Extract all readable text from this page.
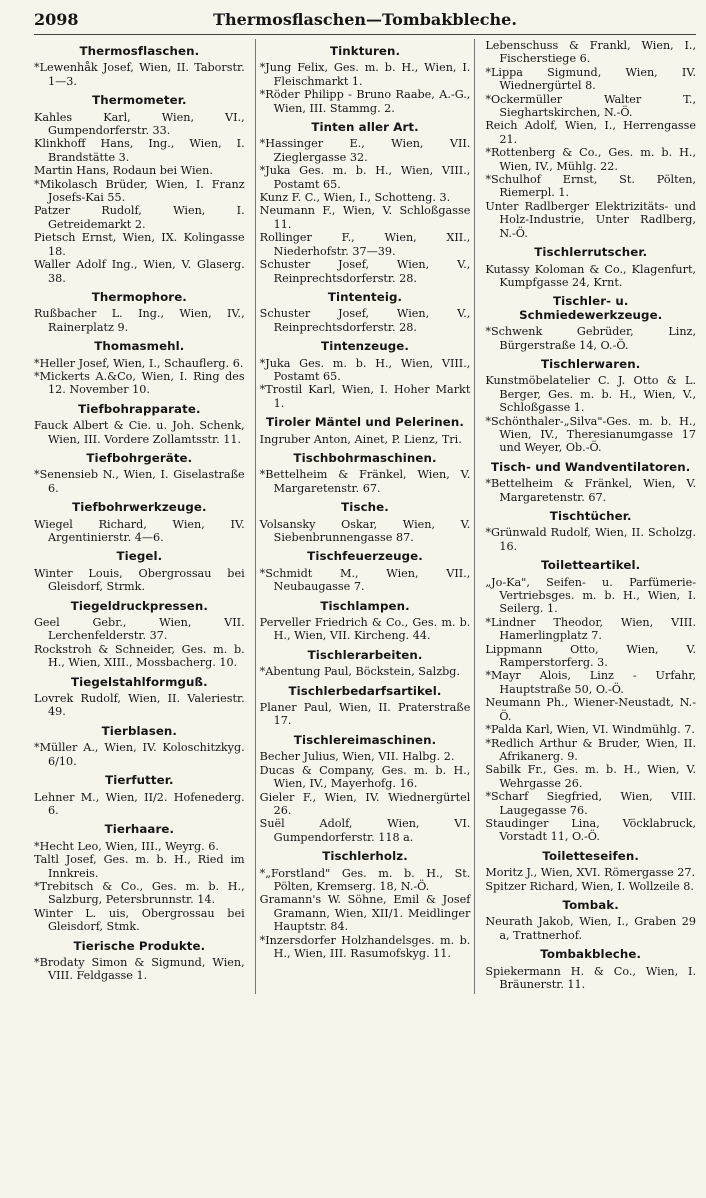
2098	Thermosflaschen—Tombakbleche.
Thermosflaschen.

*Lewenhåk Josef, Wien, II. Taborstr. 1—3.

Thermometer.

Kahles Karl, Wien, VI., Gumpendorferstr. 33.

Klinkhoff Hans, Ing., Wien, I. Brandstätte 3.

Martin Hans, Rodaun bei Wien.

*Mikolasch Brüder, Wien, I. Franz Josefs-Kai 55.

Patzer Rudolf, Wien, I. Getreidemarkt 2.

Pietsch Ernst, Wien, IX. Kolingasse 18.

Waller Adolf Ing., Wien, V. Glaserg. 38.

Thermophore.

Rußbacher L. Ing., Wien, IV., Rainerplatz 9.

Thomasmehl.

*Heller Josef, Wien, I., Schauflerg. 6.

*Mickerts A.&Co, Wien, I. Ring des 12. November 10.

Tiefbohrapparate.

Fauck Albert & Cie. u. Joh. Schenk, Wien, III. Vordere Zollamtsstr. 11.

Tiefbohrgeräte.

*Senensieb N., Wien, I. Giselastraße 6.

Tiefbohrwerkzeuge.

Wiegel Richard, Wien, IV. Argentinierstr. 4—6.

Tiegel.

Winter Louis, Obergrossau bei Gleisdorf, Strmk.

Tiegeldruckpressen.

Geel Gebr., Wien, VII. Lerchenfelderstr. 37.

Rockstroh & Schneider, Ges. m. b. H., Wien, XIII., Mossbacherg. 10.

Tiegelstahlformguß.

Lovrek Rudolf, Wien, II. Valeriestr. 49.

Tierblasen.

*Müller A., Wien, IV. Koloschitzkyg. 6/10.

Tierfutter.

Lehner M., Wien, II/2. Hofenederg. 6.

Tierhaare.

*Hecht Leo, Wien, III., Weyrg. 6.

Taltl Josef, Ges. m. b. H., Ried im Innkreis.

*Trebitsch & Co., Ges. m. b. H., Salzburg, Petersbrunnstr. 14.

Winter L. uis, Obergrossau bei Gleisdorf, Stmk.

Tierische Produkte.

*Brodaty Simon & Sigmund, Wien, VIII. Feldgasse 1.

Tinkturen.

*Jung Felix, Ges. m. b. H., Wien, I. Fleischmarkt 1.

*Röder Philipp - Bruno Raabe, A.-G., Wien, III. Stammg. 2.

Tinten aller Art.

*Hassinger E., Wien, VII. Zieglergasse 32.

*Juka Ges. m. b. H., Wien, VIII., Postamt 65.

Kunz F. C., Wien, I., Schotteng. 3.

Neumann F., Wien, V. Schloßgasse 11.

Rollinger F., Wien, XII., Niederhofstr. 37—39.

Schuster Josef, Wien, V., Reinprechtsdorferstr. 28.

Tintenteig.

Schuster Josef, Wien, V., Reinprechtsdorferstr. 28.

Tintenzeuge.

*Juka Ges. m. b. H., Wien, VIII., Postamt 65.

*Trostil Karl, Wien, I. Hoher Markt 1.

Tiroler Mäntel und Pelerinen.

Ingruber Anton, Ainet, P. Lienz, Tri.

Tischbohrmaschinen.

*Bettelheim & Fränkel, Wien, V. Margaretenstr. 67.

Tische.

Volsansky Oskar, Wien, V. Siebenbrunnengasse 87.

Tischfeuerzeuge.

*Schmidt M., Wien, VII., Neubaugasse 7.

Tischlampen.

Perveller Friedrich & Co., Ges. m. b. H., Wien, VII. Kircheng. 44.

Tischlerarbeiten.

*Abentung Paul, Böckstein, Salzbg.

Tischlerbedarfsartikel.

Planer Paul, Wien, II. Praterstraße 17.

Tischlereimaschinen.

Becher Julius, Wien, VII. Halbg. 2.

Ducas & Company, Ges. m. b. H., Wien, IV., Mayerhofg. 16.

Gieler F., Wien, IV. Wiednergürtel 26.

Suël Adolf, Wien, VI. Gumpendorferstr. 118 a.

Tischlerholz.

*„Forstland" Ges. m. b. H., St. Pölten, Kremserg. 18, N.-Ö.

Gramann's W. Söhne, Emil & Josef Gramann, Wien, XII/1. Meidlinger Hauptstr. 84.

*Inzersdorfer Holzhandelsges. m. b. H., Wien, III. Rasumofskyg. 11.

Lebenschuss & Frankl, Wien, I., Fischerstiege 6.

*Lippa Sigmund, Wien, IV. Wiednergürtel 8.

*Ockermüller Walter T., Sieghartskirchen, N.-Ö.

Reich Adolf, Wien, I., Herrengasse 21.

*Rottenberg & Co., Ges. m. b. H., Wien, IV., Mühlg. 22.

*Schulhof Ernst, St. Pölten, Riemerpl. 1.

Unter Radlberger Elektrizitäts- und Holz-Industrie, Unter Radlberg, N.-Ö.

Tischlerrutscher.

Kutassy Koloman & Co., Klagenfurt, Kumpfgasse 24, Krnt.

Tischler- u. Schmiedewerkzeuge.

*Schwenk Gebrüder, Linz, Bürgerstraße 14, O.-Ö.

Tischlerwaren.

Kunstmöbelatelier C. J. Otto & L. Berger, Ges. m. b. H., Wien, V., Schloßgasse 1.

*Schönthaler-„Silva"-Ges. m. b. H., Wien, IV., Theresianumgasse 17 und Weyer, Ob.-Ö.

Tisch- und Wandventilatoren.

*Bettelheim & Fränkel, Wien, V. Margaretenstr. 67.

Tischtücher.

*Grünwald Rudolf, Wien, II. Scholzg. 16.

Toiletteartikel.

„Jo-Ka", Seifen- u. Parfümerie-Vertriebsges. m. b. H., Wien, I. Seilerg. 1.

*Lindner Theodor, Wien, VIII. Hamerlingplatz 7.

Lippmann Otto, Wien, V. Ramperstorferg. 3.

*Mayr Alois, Linz - Urfahr, Hauptstraße 50, O.-Ö.

Neumann Ph., Wiener-Neustadt, N.-Ö.

*Palda Karl, Wien, VI. Windmühlg. 7.

*Redlich Arthur & Bruder, Wien, II. Afrikanerg. 9.

Sabilk Fr., Ges. m. b. H., Wien, V. Wehrgasse 26.

*Scharf Siegfried, Wien, VIII. Laugegasse 76.

Staudinger Lina, Vöcklabruck, Vorstadt 11, O.-Ö.

Toiletteseifen.

Moritz J., Wien, XVI. Römergasse 27.

Spitzer Richard, Wien, I. Wollzeile 8.

Tombak.

Neurath Jakob, Wien, I., Graben 29 a, Trattnerhof.

Tombakbleche.

Spiekermann H. & Co., Wien, I. Bräunerstr. 11.
